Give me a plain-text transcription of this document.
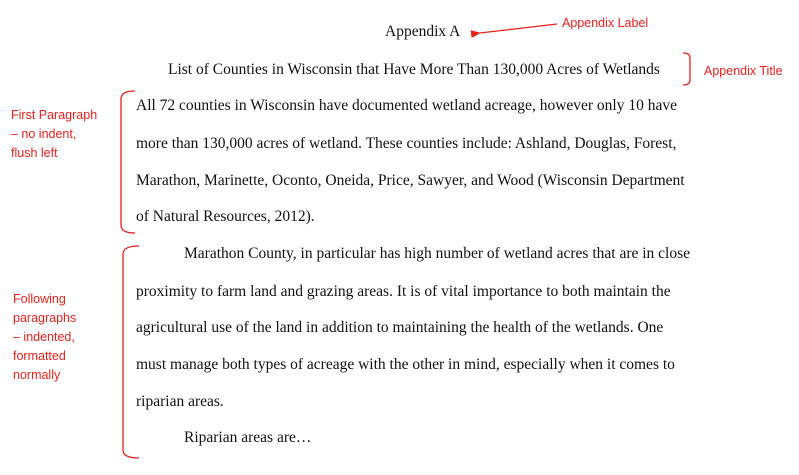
Appendix A
List of Counties in Wisconsin that Have More Than 130,000 Acres of Wetlands
All 72 counties in Wisconsin have documented wetland acreage, however only 10 have
more than 130,000 acres of wetland. These counties include: Ashland, Douglas, Forest,
Marathon, Marinette, Oconto, Oneida, Price, Sawyer, and Wood (Wisconsin Department
of Natural Resources, 2012).
Marathon County, in particular has high number of wetland acres that are in close
proximity to farm land and grazing areas. It is of vital importance to both maintain the
agricultural use of the land in addition to maintaining the health of the wetlands. One
must manage both types of acreage with the other in mind, especially when it comes to
riparian areas.
Riparian areas are…
Appendix Label
Appendix Title
First Paragraph
– no indent,
flush left
Following
paragraphs
– indented,
formatted
normally
